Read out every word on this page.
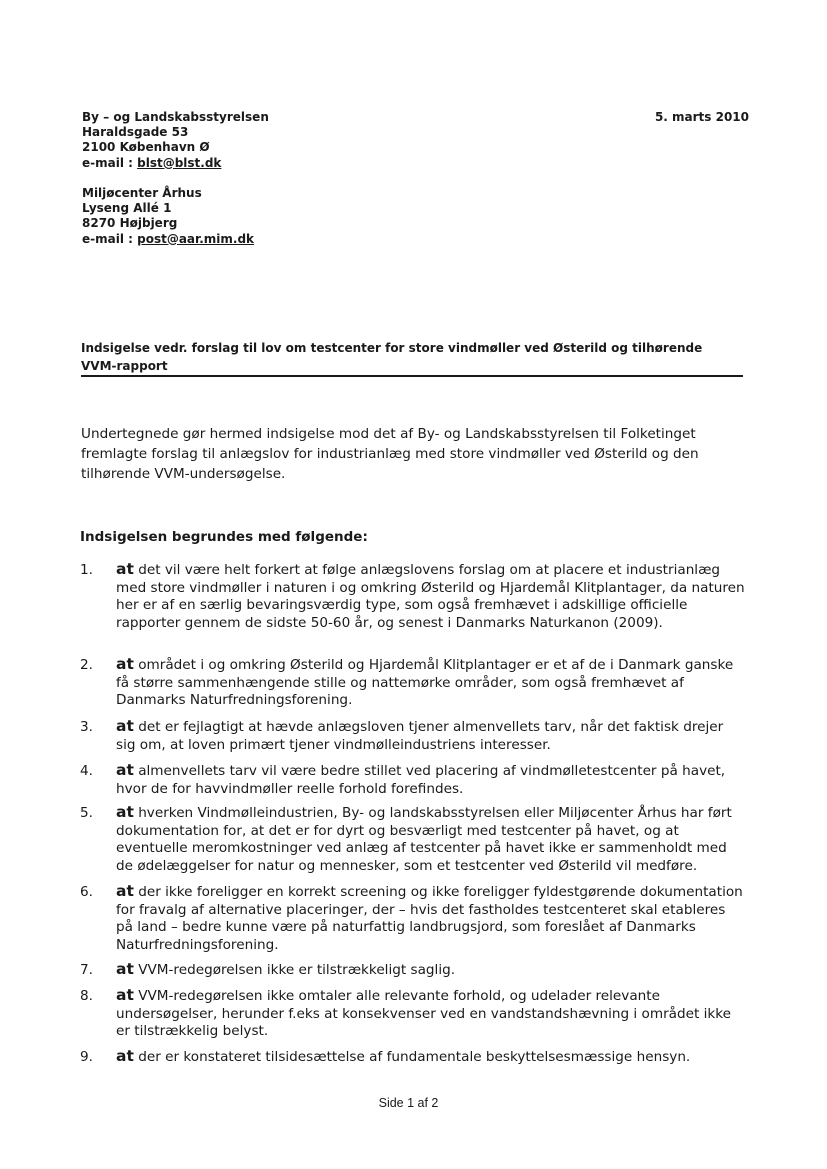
By – og Landskabsstyrelsen
Haraldsgade 53
2100 København Ø
e-mail : blst@blst.dk
Miljøcenter Århus
Lyseng Allé 1
8270 Højbjerg
e-mail : post@aar.mim.dk
5. marts 2010
Indsigelse vedr. forslag til lov om testcenter for store vindmøller ved Østerild og tilhørende VVM-rapport
Undertegnede gør hermed indsigelse mod det af By- og Landskabsstyrelsen til Folketinget fremlagte forslag til anlægslov for industrianlæg med store vindmøller ved Østerild og den tilhørende VVM-undersøgelse.
Indsigelsen begrundes med følgende:
1. at det vil være helt forkert at følge anlægslovens forslag om at placere et industrianlæg med store vindmøller i naturen i og omkring Østerild og Hjardemål Klitplantager, da naturen her er af en særlig bevaringsværdig type, som også fremhævet i adskillige officielle rapporter gennem de sidste 50-60 år, og senest i Danmarks Naturkanon (2009).
2. at området i og omkring Østerild og Hjardemål Klitplantager er et af de i Danmark ganske få større sammenhængende stille og nattemørke områder, som også fremhævet af Danmarks Naturfredningsforening.
3. at det er fejlagtigt at hævde anlægsloven tjener almenvellets tarv, når det faktisk drejer sig om, at loven primært tjener vindmølleindustriens interesser.
4. at almenvellets tarv vil være bedre stillet ved placering af vindmølletestcenter på havet, hvor de for havvindmøller reelle forhold forefindes.
5. at hverken Vindmølleindustrien, By- og landskabsstyrelsen eller Miljøcenter Århus har ført dokumentation for, at det er for dyrt og besværligt med testcenter på havet, og at eventuelle meromkostninger ved anlæg af testcenter på havet ikke er sammenholdt med de ødelæggelser for natur og mennesker, som et testcenter ved Østerild vil medføre.
6. at der ikke foreligger en korrekt screening og ikke foreligger fyldestgørende dokumentation for fravalg af alternative placeringer, der – hvis det fastholdes testcenteret skal etableres på land – bedre kunne være på naturfattig landbrugsjord, som foreslået af Danmarks Naturfredningsforening.
7. at VVM-redegørelsen ikke er tilstrækkeligt saglig.
8. at VVM-redegørelsen ikke omtaler alle relevante forhold, og udelader relevante undersøgelser, herunder f.eks at konsekvenser ved en vandstandshævning i området ikke er tilstrækkelig belyst.
9. at der er konstateret tilsidesættelse af fundamentale beskyttelsesmæssige hensyn.
Side 1 af 2
